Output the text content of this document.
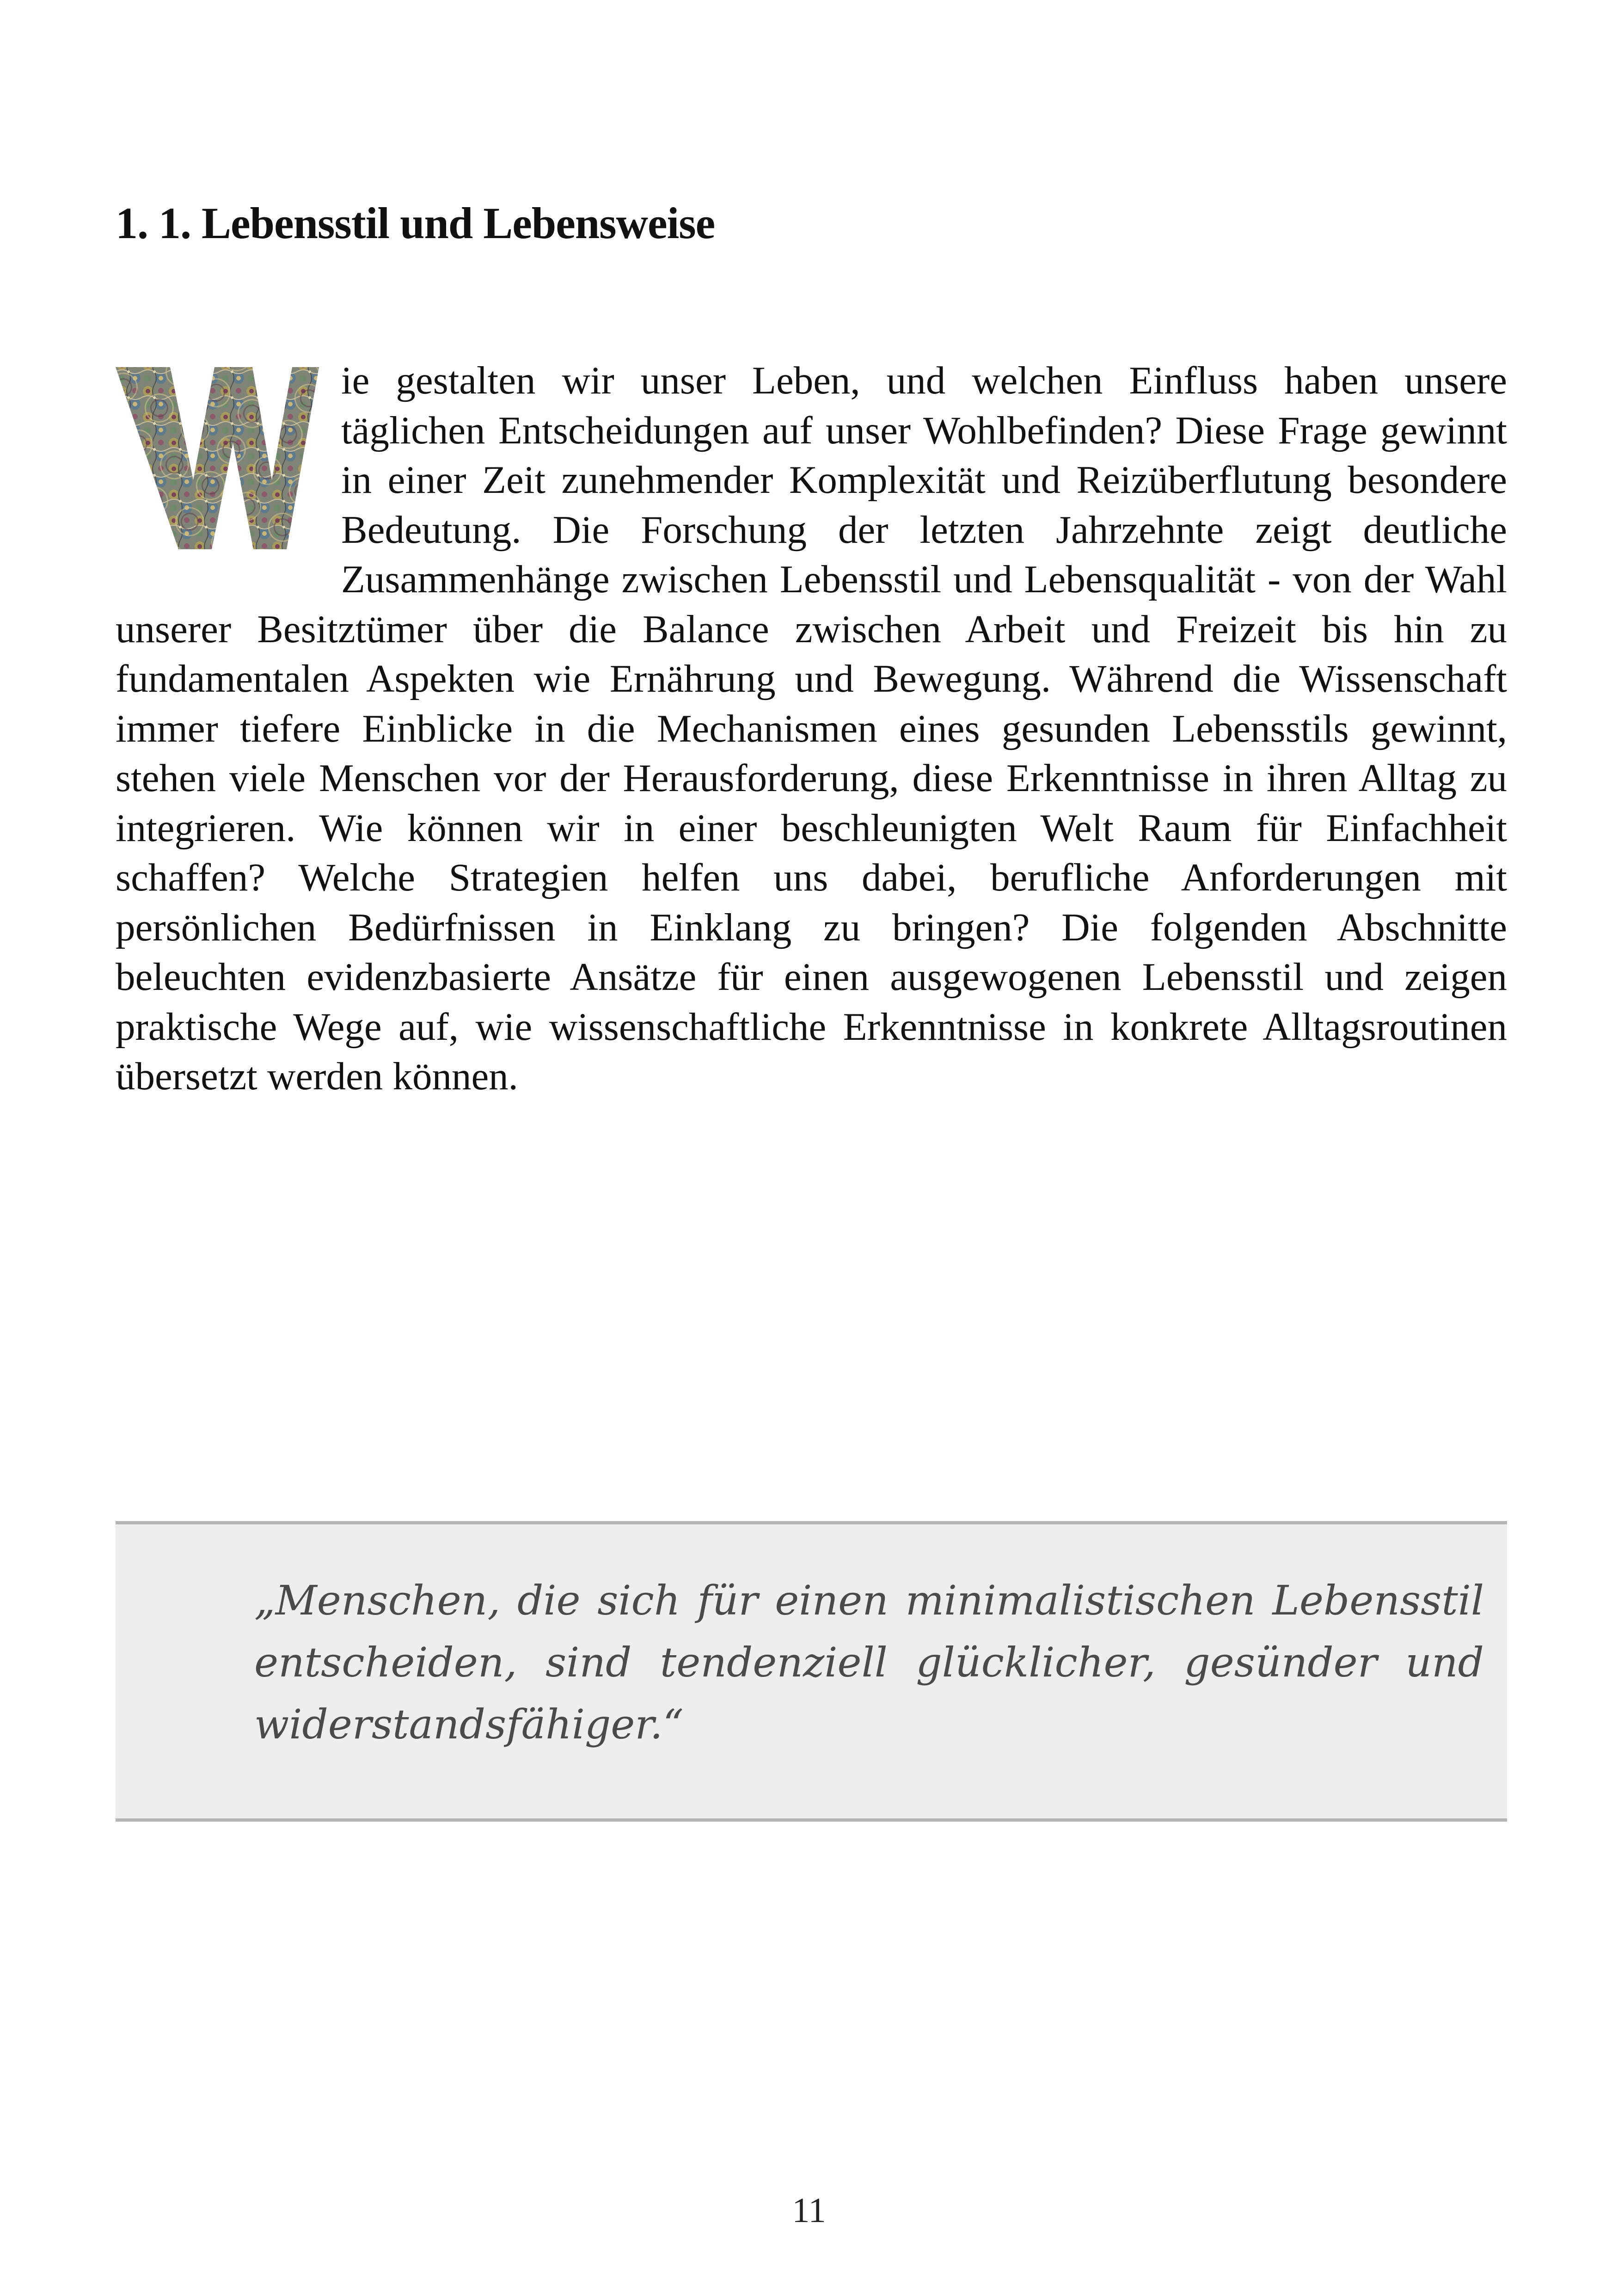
1. 1. Lebensstil und Lebensweise

ie gestalten wir unser Leben, und welchen Einfluss haben unsere täglichen Entscheidungen auf unser Wohlbefinden? Diese Frage gewinnt in einer Zeit zunehmender Komplexität und Reizüberflutung besondere Bedeutung. Die Forschung der letzten Jahrzehnte zeigt deutliche Zusammenhänge zwischen Lebensstil und Lebensqualität - von der Wahl unserer Besitztümer über die Balance zwischen Arbeit und Freizeit bis hin zu fundamentalen Aspekten wie Ernährung und Bewegung. Während die Wissenschaft immer tiefere Einblicke in die Mechanismen eines gesunden Lebensstils gewinnt, stehen viele Menschen vor der Herausforderung, diese Erkenntnisse in ihren Alltag zu integrieren. Wie können wir in einer beschleunigten Welt Raum für Einfachheit schaffen? Welche Strategien helfen uns dabei, berufliche Anforderungen mit persönlichen Bedürfnissen in Einklang zu bringen? Die folgenden Abschnitte beleuchten evidenzbasierte Ansätze für einen ausgewogenen Lebensstil und zeigen praktische Wege auf, wie wissenschaftliche Erkenntnisse in konkrete Alltagsroutinen übersetzt werden können.

„Menschen, die sich für einen minimalistischen Lebensstil entscheiden, sind tendenziell glücklicher, gesünder und widerstandsfähiger.“

11
